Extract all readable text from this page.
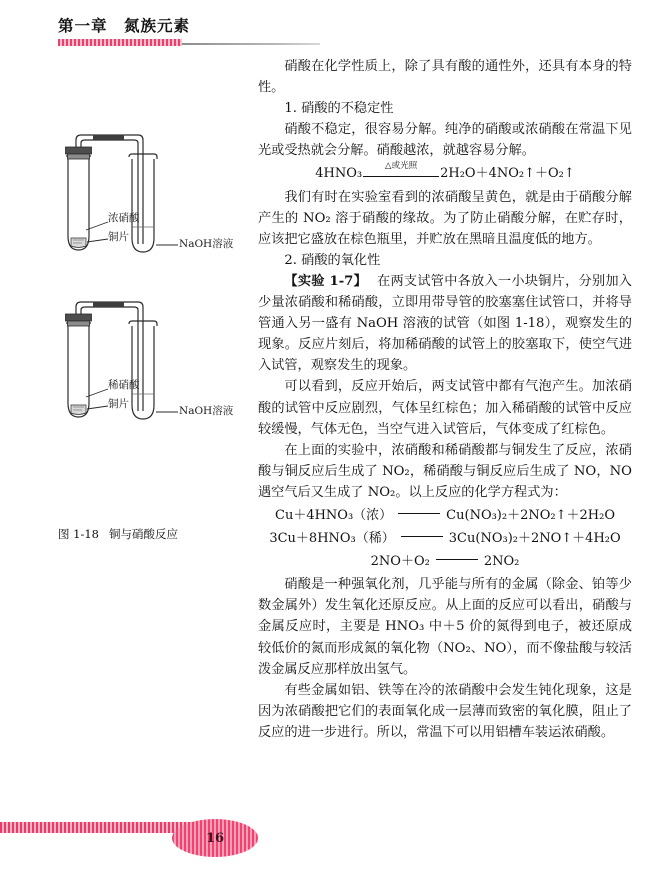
第一章　氮族元素
浓硝酸
铜片
NaOH溶液
稀硝酸
铜片
NaOH溶液
图 1-18 铜与硝酸反应

硝酸在化学性质上，除了具有酸的通性外，还具有本身的特性。

1. 硝酸的不稳定性

硝酸不稳定，很容易分解。纯净的硝酸或浓硝酸在常温下见光或受热就会分解。硝酸越浓，就越容易分解。

4HNO₃
△或光照
2H₂O＋4NO₂↑＋O₂↑

我们有时在实验室看到的浓硝酸呈黄色，就是由于硝酸分解产生的 NO₂ 溶于硝酸的缘故。为了防止硝酸分解，在贮存时，应该把它盛放在棕色瓶里，并贮放在黑暗且温度低的地方。

2. 硝酸的氧化性

【实验 1-7】 在两支试管中各放入一小块铜片，分别加入少量浓硝酸和稀硝酸，立即用带导管的胶塞塞住试管口，并将导管通入另一盛有 NaOH 溶液的试管（如图 1-18），观察发生的现象。反应片刻后，将加稀硝酸的试管上的胶塞取下，使空气进入试管，观察发生的现象。

可以看到，反应开始后，两支试管中都有气泡产生。加浓硝酸的试管中反应剧烈，气体呈红棕色；加入稀硝酸的试管中反应较缓慢，气体无色，当空气进入试管后，气体变成了红棕色。

在上面的实验中，浓硝酸和稀硝酸都与铜发生了反应，浓硝酸与铜反应后生成了 NO₂，稀硝酸与铜反应后生成了 NO，NO 遇空气后又生成了 NO₂。以上反应的化学方程式为：

Cu＋4HNO₃（浓）	Cu(NO₃)₂＋2NO₂↑＋2H₂O
3Cu＋8HNO₃（稀）	3Cu(NO₃)₂＋2NO↑＋4H₂O
2NO＋O₂	2NO₂

硝酸是一种强氧化剂，几乎能与所有的金属（除金、铂等少数金属外）发生氧化还原反应。从上面的反应可以看出，硝酸与金属反应时，主要是 HNO₃ 中＋5 价的氮得到电子，被还原成较低价的氮而形成氮的氧化物（NO₂、NO），而不像盐酸与较活泼金属反应那样放出氢气。

有些金属如铝、铁等在冷的浓硝酸中会发生钝化现象，这是因为浓硝酸把它们的表面氧化成一层薄而致密的氧化膜，阻止了反应的进一步进行。所以，常温下可以用铝槽车装运浓硝酸。

16
